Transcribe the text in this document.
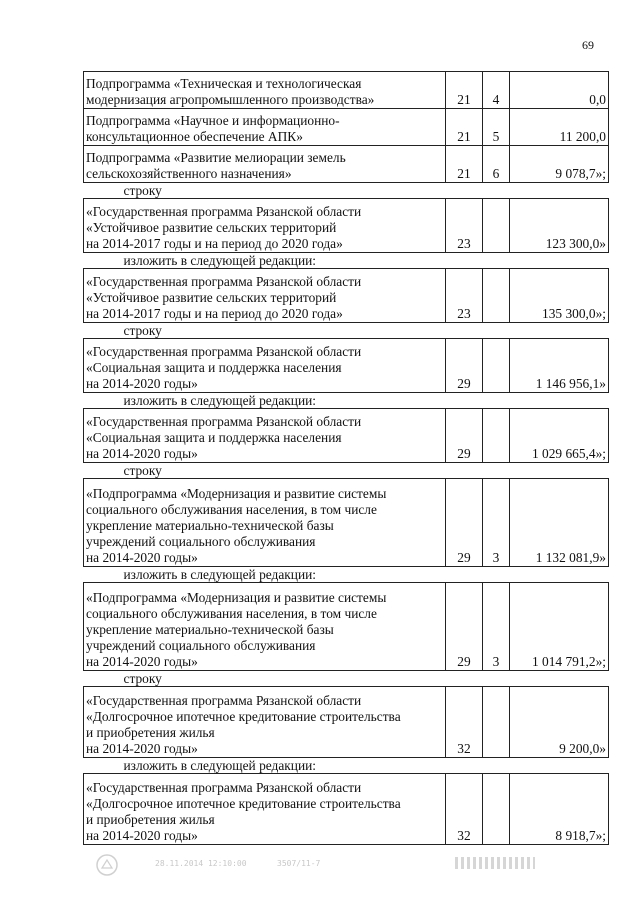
69
Подпрограмма «Техническая и технологическая
модернизация агропромышленного производства»	21	4	0,0
Подпрограмма «Научное и информационно-
консультационное обеспечение АПК»	21	5	11 200,0
Подпрограмма «Развитие мелиорации земель
сельскохозяйственного назначения»	21	6	9 078,7»;
строку			
«Государственная программа Рязанской области
«Устойчивое развитие сельских территорий
на 2014-2017 годы и на период до 2020 года»	23		123 300,0»
изложить в следующей редакции:			
«Государственная программа Рязанской области
«Устойчивое развитие сельских территорий
на 2014-2017 годы и на период до 2020 года»	23		135 300,0»;
строку			
«Государственная программа Рязанской области
«Социальная защита и поддержка населения
на 2014-2020 годы»	29		1 146 956,1»
изложить в следующей редакции:			
«Государственная программа Рязанской области
«Социальная защита и поддержка населения
на 2014-2020 годы»	29		1 029 665,4»;
строку			
«Подпрограмма «Модернизация и развитие системы
социального обслуживания населения, в том числе
укрепление материально-технической базы
учреждений социального обслуживания
на 2014-2020 годы»	29	3	1 132 081,9»
изложить в следующей редакции:			
«Подпрограмма «Модернизация и развитие системы
социального обслуживания населения, в том числе
укрепление материально-технической базы
учреждений социального обслуживания
на 2014-2020 годы»	29	3	1 014 791,2»;
строку			
«Государственная программа Рязанской области
«Долгосрочное ипотечное кредитование строительства
и приобретения жилья
на 2014-2020 годы»	32		9 200,0»
изложить в следующей редакции:			
«Государственная программа Рязанской области
«Долгосрочное ипотечное кредитование строительства
и приобретения жилья
на 2014-2020 годы»	32		8 918,7»;
28.11.2014 12:10:00	3507/11-7
